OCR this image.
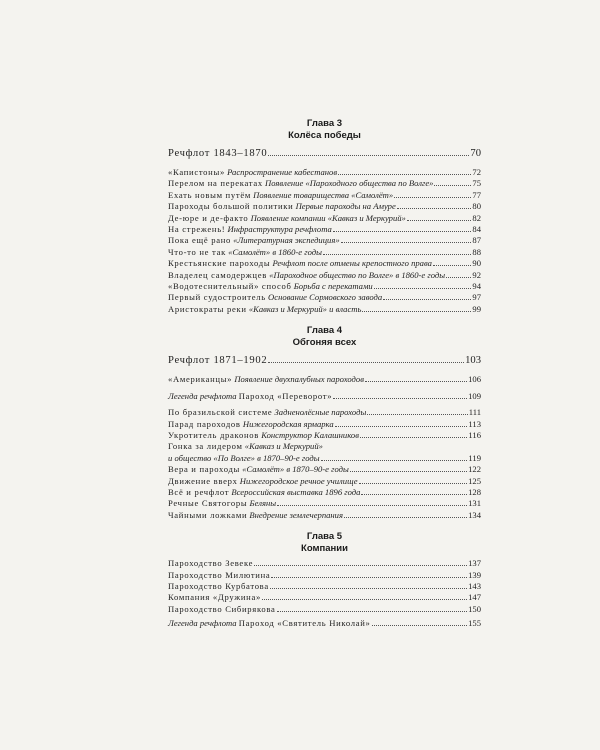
Глава 3
Колёса победы
Речфлот 1843–1870	70
«Капистоны» Распространение кабестанов	72
Перелом на перекатах Появление «Пароходного общества по Волге»	75
Ехать новым путём Появление товарищества «Самолёт»	77
Пароходы большой политики Первые пароходы на Амуре	80
Де-юре и де-факто Появление компании «Кавказ и Меркурий»	82
На стрежень! Инфраструктура речфлота	84
Пока ещё рано «Литературная экспедиция»	87
Что-то не так «Самолёт» в 1860-е годы	88
Крестьянские пароходы Речфлот после отмены крепостного права	90
Владелец самодержцев «Пароходное общество по Волге» в 1860-е годы	92
«Водотеснительный» способ Борьба с перекатами	94
Первый судостроитель Основание Сормовского завода	97
Аристократы реки «Кавказ и Меркурий» и власть	99
Глава 4
Обгоняя всех
Речфлот 1871–1902	103
«Американцы» Появление двухпалубных пароходов	106
Легенда речфлота Пароход «Переворот»	109
По бразильской системе Задненолёсные пароходы	111
Парад пароходов Нижегородская ярмарка	113
Укротитель драконов Конструктор Калашников	116
Гонка за лидером «Кавказ и Меркурий»
и общество «По Волге» в 1870–90-е годы	119
Вера и пароходы «Самолёт» в 1870–90-е годы	122
Движение вверх Нижегородское речное училище	125
Всё и речфлот Всероссийская выставка 1896 года	128
Речные Святогоры Беляны	131
Чайными ложками Внедрение землечерпания	134
Глава 5
Компании
Пароходство Зевеке	137
Пароходство Милютина	139
Пароходство Курбатова	143
Компания «Дружина»	147
Пароходство Сибирякова	150
Легенда речфлота Пароход «Святитель Николай»	155
